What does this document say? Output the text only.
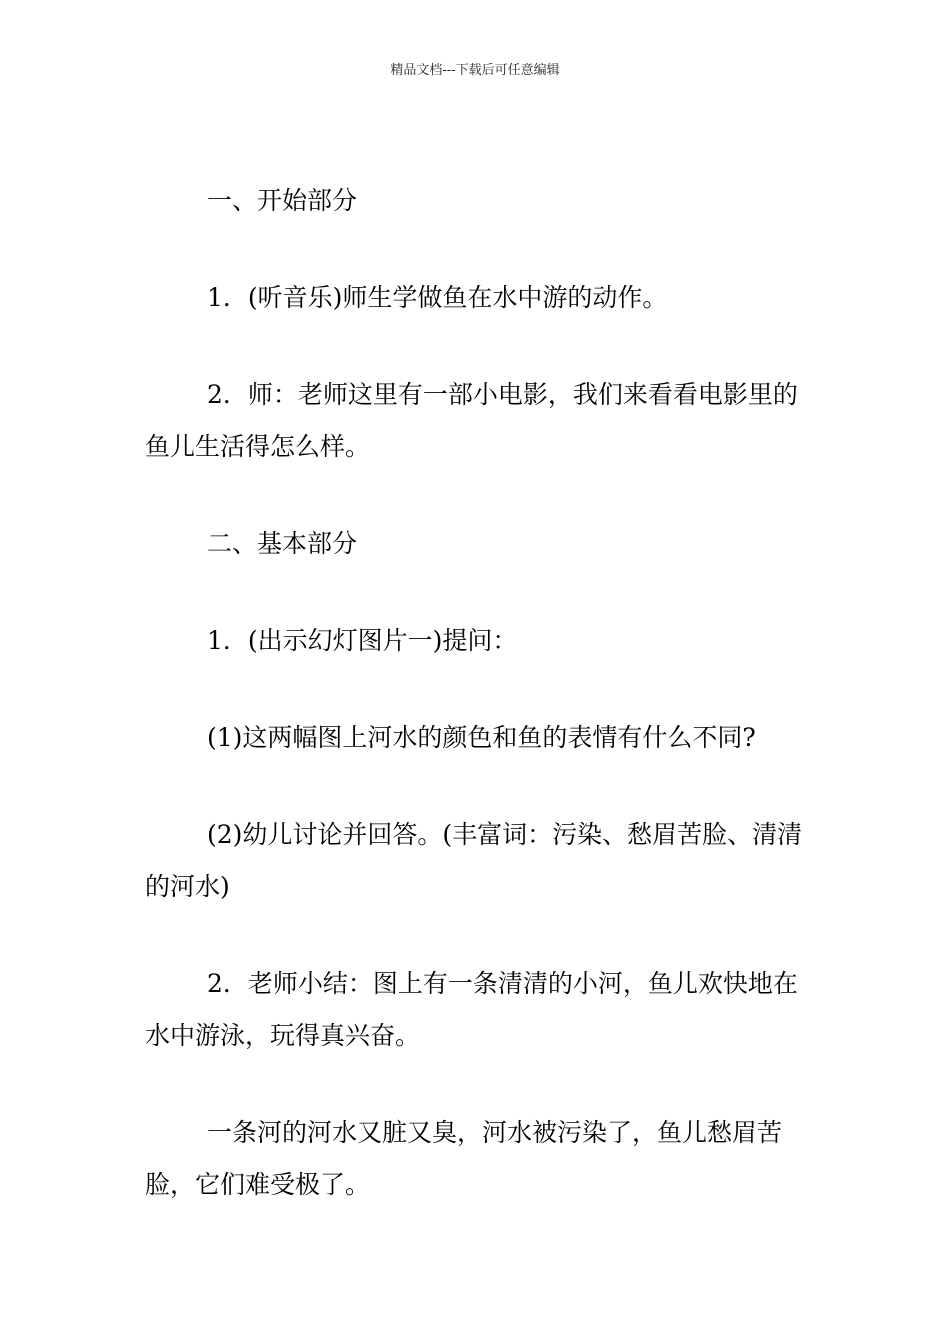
精品文档---下载后可任意编辑

一、开始部分

1．(听音乐)师生学做鱼在水中游的动作。

2．师：老师这里有一部小电影，我们来看看电影里的鱼儿生活得怎么样。

二、基本部分

1．(出示幻灯图片一)提问：

(1)这两幅图上河水的颜色和鱼的表情有什么不同?

(2)幼儿讨论并回答。(丰富词：污染、愁眉苦脸、清清的河水)

2．老师小结：图上有一条清清的小河，鱼儿欢快地在水中游泳，玩得真兴奋。

一条河的河水又脏又臭，河水被污染了，鱼儿愁眉苦脸，它们难受极了。
